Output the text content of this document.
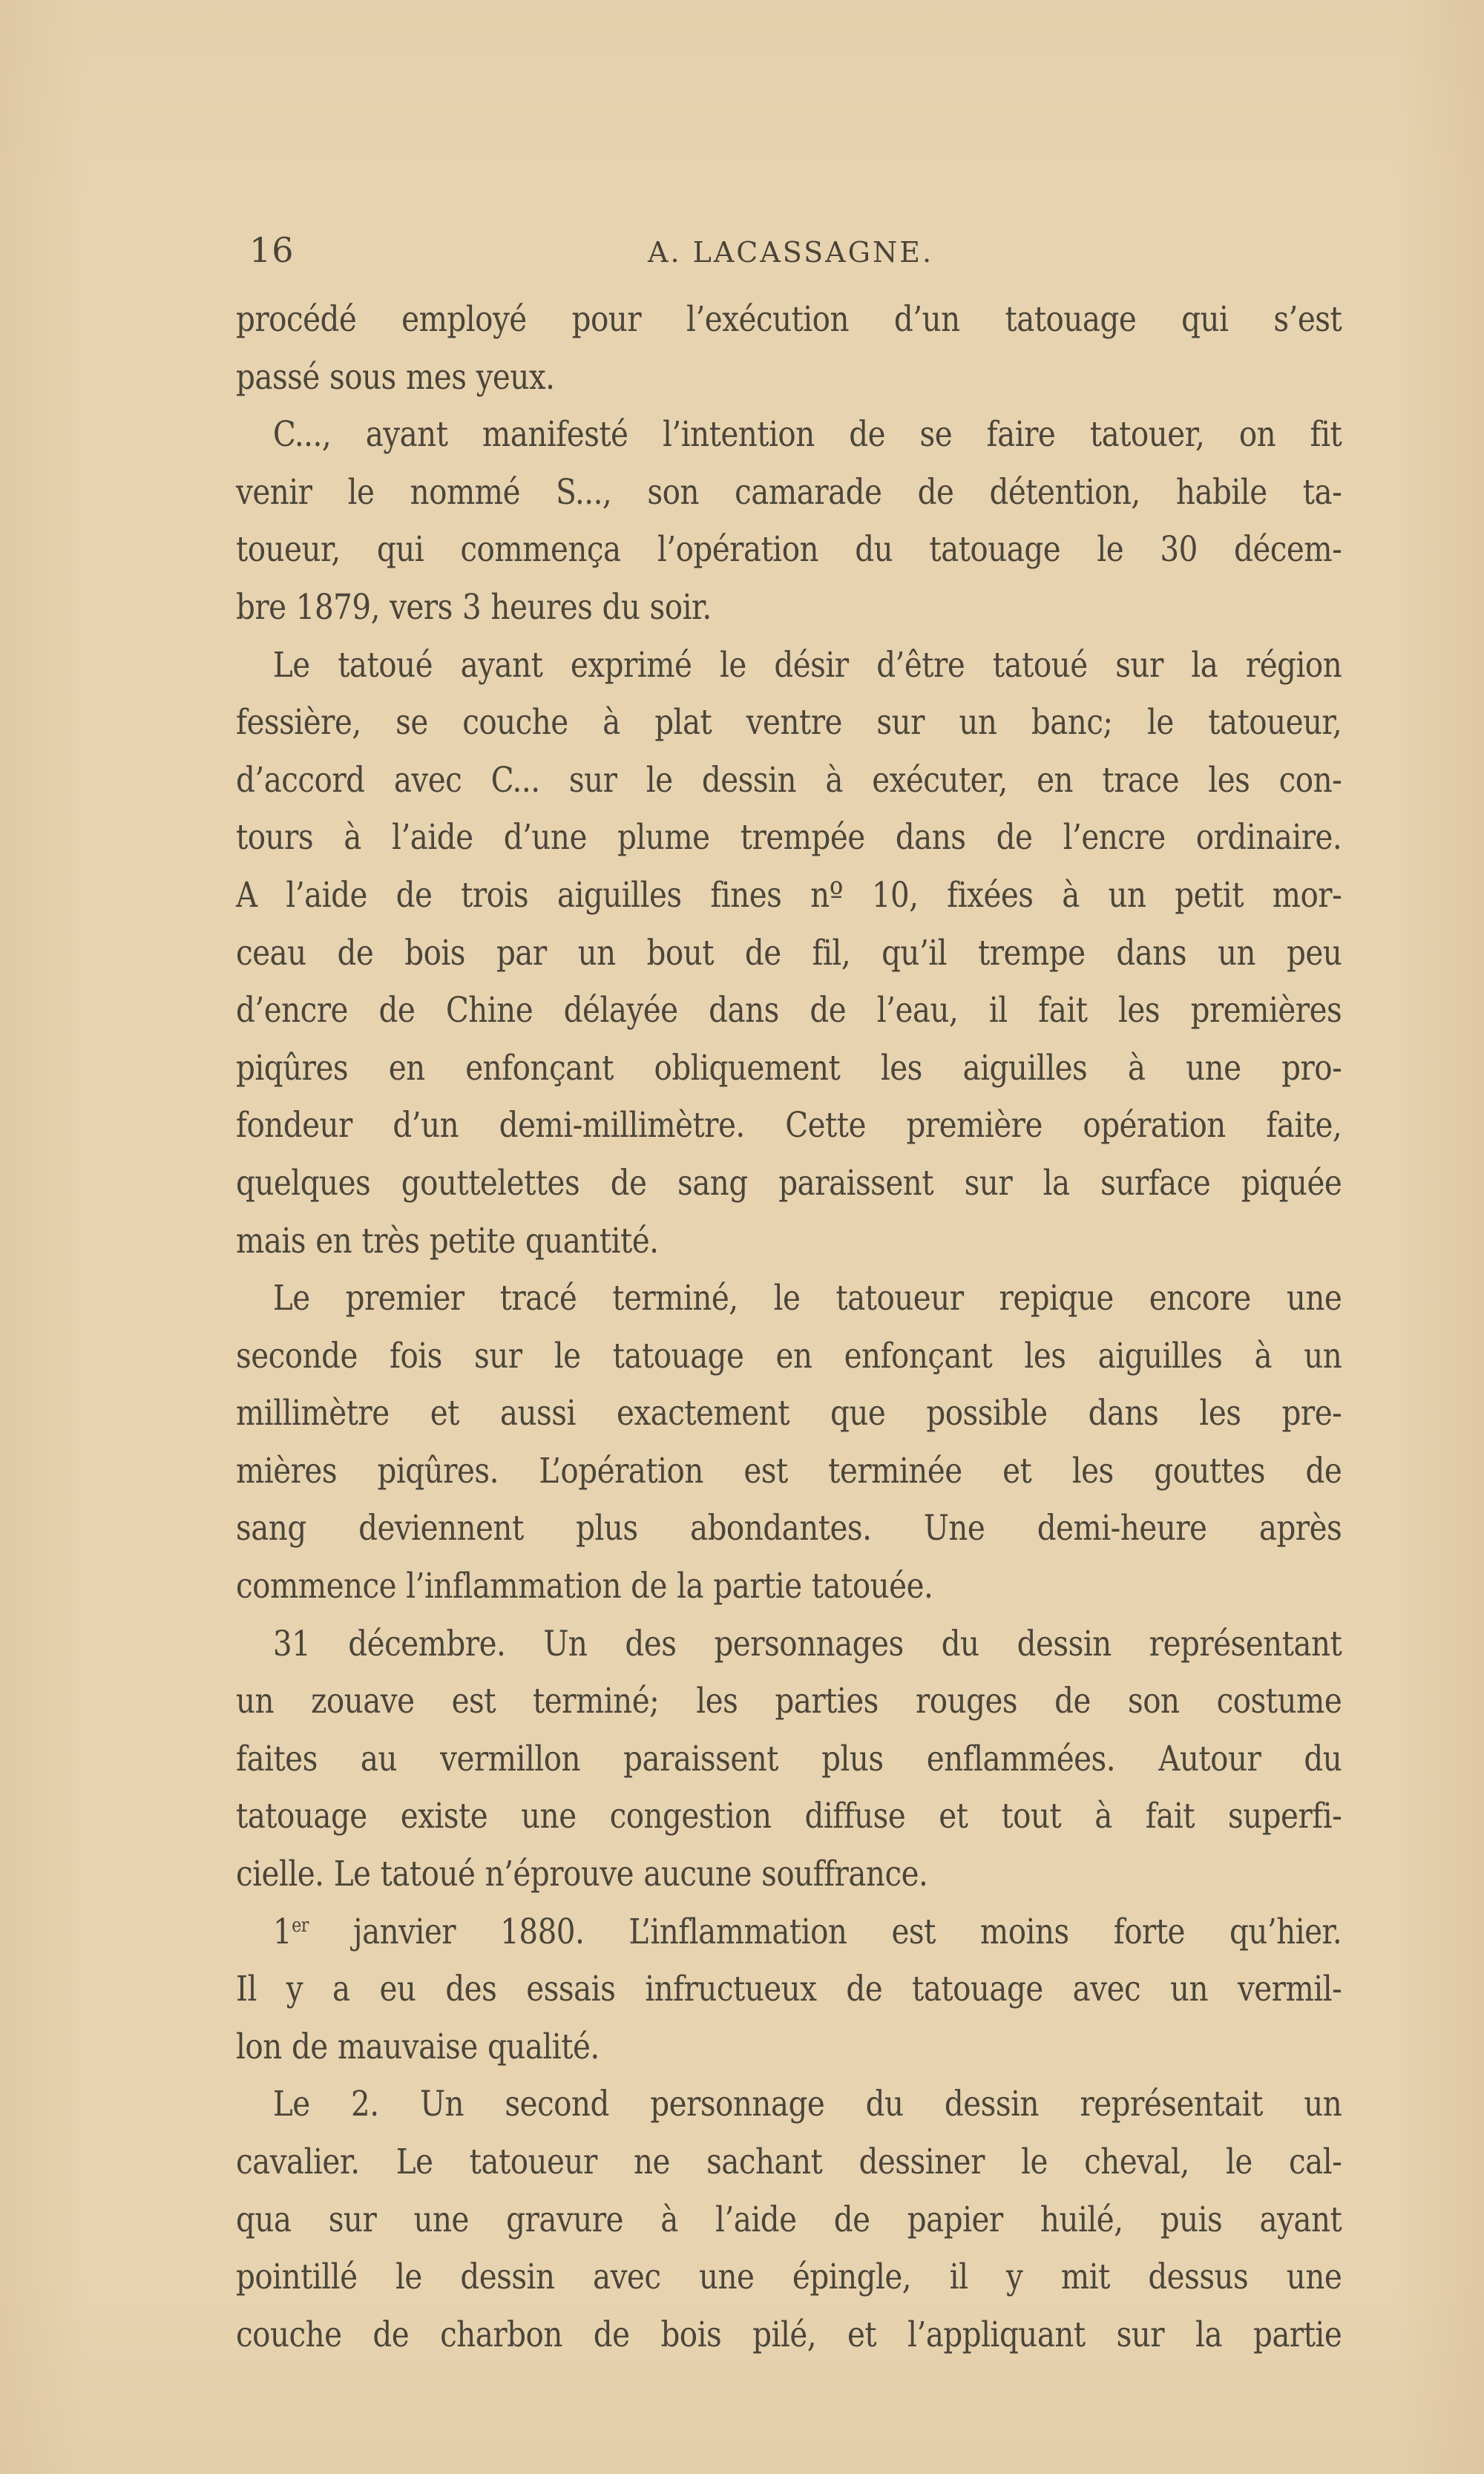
16	A. LACASSAGNE.
procédé employé pour l’exécution d’un tatouage qui s’est
passé sous mes yeux.
C..., ayant manifesté l’intention de se faire tatouer, on fit
venir le nommé S..., son camarade de détention, habile ta-
toueur, qui commença l’opération du tatouage le 30 décem-
bre 1879, vers 3 heures du soir.
Le tatoué ayant exprimé le désir d’être tatoué sur la région
fessière, se couche à plat ventre sur un banc; le tatoueur,
d’accord avec C... sur le dessin à exécuter, en trace les con-
tours à l’aide d’une plume trempée dans de l’encre ordinaire.
A l’aide de trois aiguilles fines nº 10, fixées à un petit mor-
ceau de bois par un bout de fil, qu’il trempe dans un peu
d’encre de Chine délayée dans de l’eau, il fait les premières
piqûres en enfonçant obliquement les aiguilles à une pro-
fondeur d’un demi-millimètre. Cette première opération faite,
quelques gouttelettes de sang paraissent sur la surface piquée
mais en très petite quantité.
Le premier tracé terminé, le tatoueur repique encore une
seconde fois sur le tatouage en enfonçant les aiguilles à un
millimètre et aussi exactement que possible dans les pre-
mières piqûres. L’opération est terminée et les gouttes de
sang deviennent plus abondantes. Une demi-heure après
commence l’inflammation de la partie tatouée.
31 décembre. Un des personnages du dessin représentant
un zouave est terminé; les parties rouges de son costume
faites au vermillon paraissent plus enflammées. Autour du
tatouage existe une congestion diffuse et tout à fait superfi-
cielle. Le tatoué n’éprouve aucune souffrance.
1er janvier 1880. L’inflammation est moins forte qu’hier.
Il y a eu des essais infructueux de tatouage avec un vermil-
lon de mauvaise qualité.
Le 2. Un second personnage du dessin représentait un
cavalier. Le tatoueur ne sachant dessiner le cheval, le cal-
qua sur une gravure à l’aide de papier huilé, puis ayant
pointillé le dessin avec une épingle, il y mit dessus une
couche de charbon de bois pilé, et l’appliquant sur la partie
